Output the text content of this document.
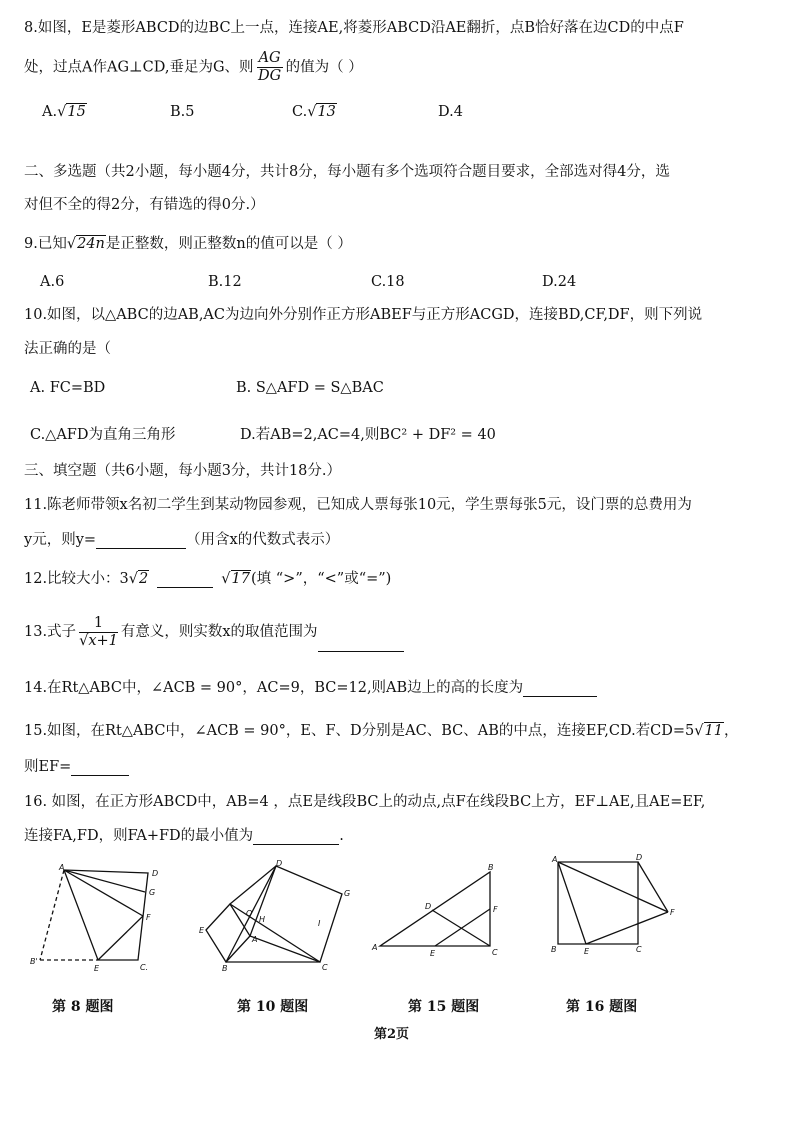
8.如图，E是菱形ABCD的边BC上一点，连接AE,将菱形ABCD沿AE翻折，点B恰好落在边CD的中点F
处，过点A作AG⊥CD,垂足为G、则 $\frac{AG}{DG}$ 的值为（ ）
A.√15	B.5	C.√13	D.4
二、多选题（共2小题，每小题4分，共计8分，每小题有多个选项符合题目要求，全部选对得4分，选
对但不全的得2分，有错选的得0分.）
9.已知√24n是正整数，则正整数n的值可以是（ ）
A.6	B.12	C.18	D.24
10.如图，以△ABC的边AB,AC为边向外分别作正方形ABEF与正方形ACGD，连接BD,CF,DF，则下列说
法正确的是（
A. FC=BD	B. S△AFD = S△BAC
C.△AFD为直角三角形	D.若AB=2,AC=4,则BC² + DF² = 40
三、填空题（共6小题，每小题3分，共计18分.）
11.陈老师带领x名初二学生到某动物园参观，已知成人票每张10元，学生票每张5元，设门票的总费用为
y元，则y=	（用含x的代数式表示）
12.比较大小：3√2	√17(填 “>”，“<”或“=”)
13.式子 $\frac{1}{√x+1}$ 有意义，则实数x的取值范围为
14.在Rt△ABC中，∠ACB = 90°，AC=9，BC=12,则AB边上的高的长度为
15.如图，在Rt△ABC中，∠ACB = 90°，E、F、D分别是AC、BC、AB的中点，连接EF,CD.若CD=5√11，
则EF=
16. 如图，在正方形ABCD中，AB=4 ，点E是线段BC上的动点,点F在线段BC上方，EF⊥AE,且AE=EF,
连接FA,FD，则FA+FD的最小值为	.
A
D
G
F
B'
E	C.
D
G
O
H
E
A
B	C
I
B
D	F
A
E	C
A	D
F
B	E	C
第 8 题图	第 10 题图	第 15 题图	第 16 题图
第2页
